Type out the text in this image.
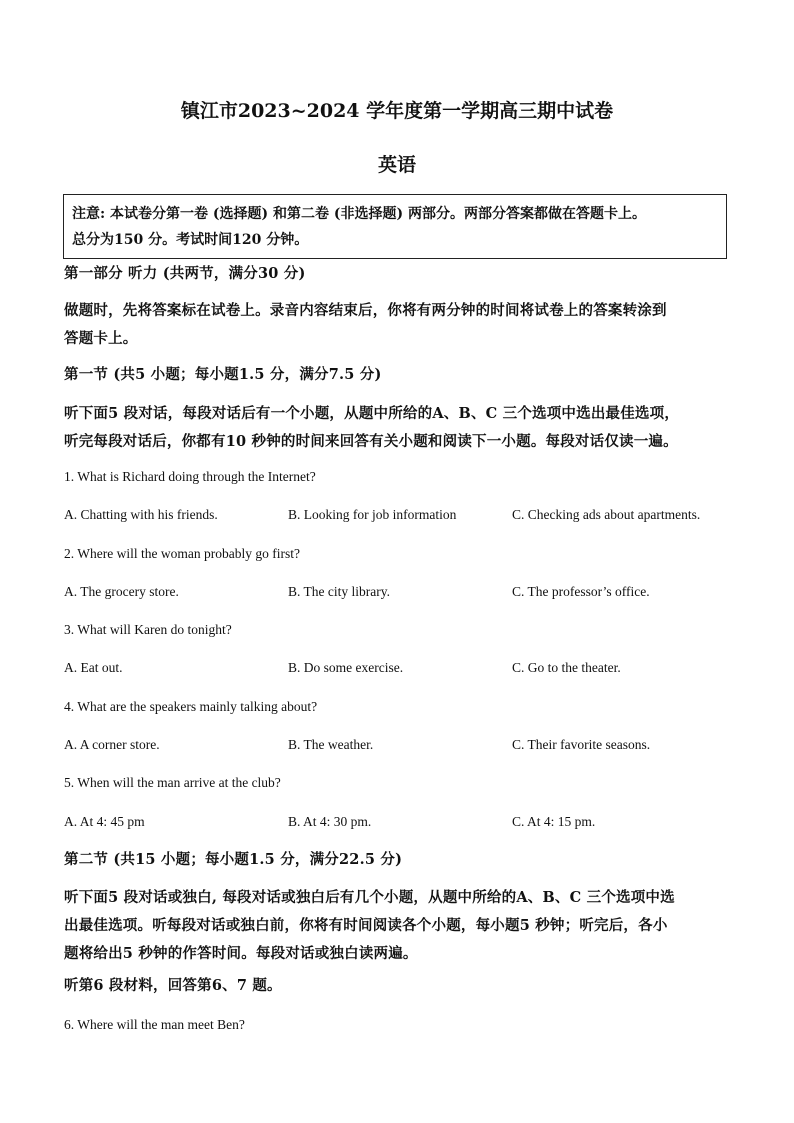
镇江市2023~2024 学年度第一学期高三期中试卷
英语
注意: 本试卷分第一卷 (选择题) 和第二卷 (非选择题) 两部分。两部分答案都做在答题卡上。
总分为150 分。考试时间120 分钟。
第一部分 听力 (共两节，满分30 分)
做题时，先将答案标在试卷上。录音内容结束后，你将有两分钟的时间将试卷上的答案转涂到
答题卡上。
第一节 (共5 小题；每小题1.5 分，满分7.5 分)
听下面5 段对话，每段对话后有一个小题，从题中所给的A、B、C 三个选项中选出最佳选项，
听完每段对话后，你都有10 秒钟的时间来回答有关小题和阅读下一小题。每段对话仅读一遍。
1. What is Richard doing through the Internet?
A. Chatting with his friends.	B. Looking for job information	C. Checking ads about apartments.
2. Where will the woman probably go first?
A. The grocery store.	B. The city library.	C. The professor’s office.
3. What will Karen do tonight?
A. Eat out.	B. Do some exercise.	C. Go to the theater.
4. What are the speakers mainly talking about?
A. A corner store.	B. The weather.	C. Their favorite seasons.
5. When will the man arrive at the club?
A. At 4: 45 pm	B. At 4: 30 pm.	C. At 4: 15 pm.
第二节 (共15 小题；每小题1.5 分，满分22.5 分)
听下面5 段对话或独白, 每段对话或独白后有几个小题，从题中所给的A、B、C 三个选项中选
出最佳选项。听每段对话或独白前，你将有时间阅读各个小题，每小题5 秒钟；听完后，各小
题将给出5 秒钟的作答时间。每段对话或独白读两遍。
听第6 段材料，回答第6、7 题。
6. Where will the man meet Ben?
